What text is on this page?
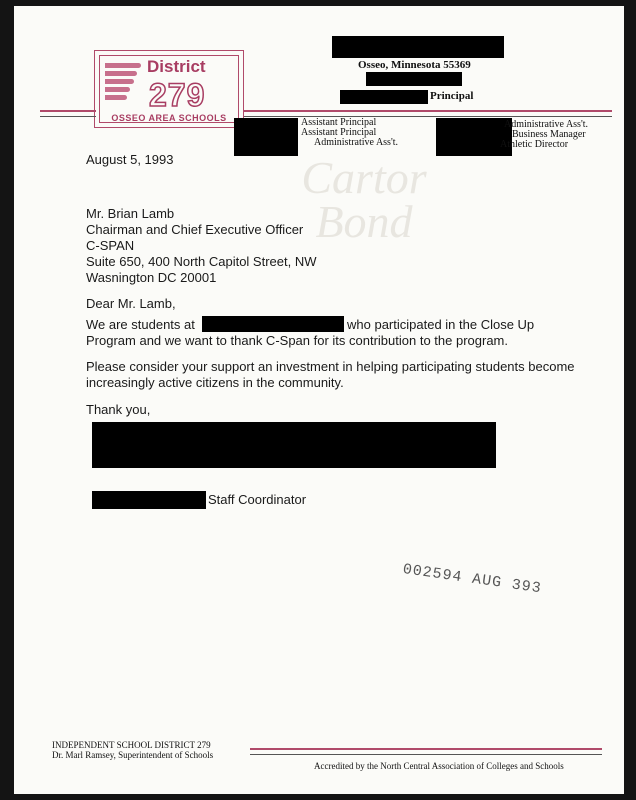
Cartor
Bond
District
279
OSSEO AREA SCHOOLS
Osseo, Minnesota 55369
Principal
Assistant Principal
Assistant Principal
Administrative Ass't.
Administrative Ass't.
Business Manager
Athletic Director
August 5, 1993
Mr. Brian Lamb
Chairman and Chief Executive Officer
C-SPAN
Suite 650, 400 North Capitol Street, NW
Wasnington DC 20001
Dear Mr. Lamb,
We are students at	who participated in the Close Up
Program and we want to thank C-Span for its contribution to the program.
Please consider your support an investment in helping participating students become
increasingly active citizens in the community.
Thank you,
Staff Coordinator
002594 AUG 393
INDEPENDENT SCHOOL DISTRICT 279
Dr. Marl Ramsey, Superintendent of Schools
Accredited by the North Central Association of Colleges and Schools
